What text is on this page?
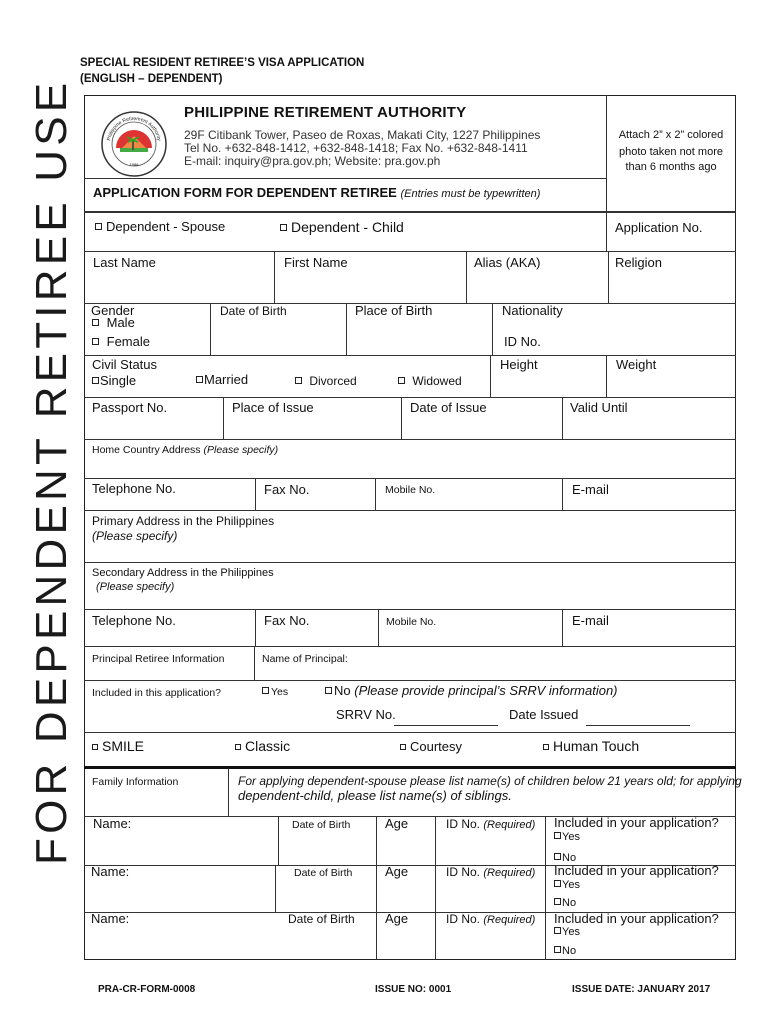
SPECIAL RESIDENT RETIREE’S VISA APPLICATION
(ENGLISH – DEPENDENT)
FOR DEPENDENT RETIREE USE	1986
Philippine Retirement Authority
PHILIPPINE RETIREMENT AUTHORITY
29F Citibank Tower, Paseo de Roxas, Makati City, 1227 Philippines
Tel No. +632-848-1412, +632-848-1418; Fax No. +632-848-1411
E-mail: inquiry@pra.gov.ph; Website: pra.gov.ph
Attach 2” x 2” colored
photo taken not more
than 6 months ago
APPLICATION FORM FOR DEPENDENT RETIREE (Entries must be typewritten)
Dependent - Spouse	Dependent - Child	Application No.
Last Name	First Name	Alias (AKA)	Religion
Gender
Male
Female
Date of Birth	Place of Birth	Nationality
ID No.
Civil Status
Single	Married	Divorced	Widowed
Height	Weight
Passport No.	Place of Issue	Date of Issue	Valid Until
Home Country Address (Please specify)
Telephone No.	Fax No.	Mobile No.	E-mail
Primary Address in the Philippines
(Please specify)
Secondary Address in the Philippines
(Please specify)
Telephone No.	Fax No.	Mobile No.	E-mail
Principal Retiree Information	Name of Principal:
Included in this application?	Yes	No (Please provide principal’s SRRV information)
SRRV No.	Date Issued
SMILE	Classic	Courtesy	Human Touch
Family Information	For applying dependent-spouse please list name(s) of children below 21 years old; for applying
dependent-child, please list name(s) of siblings.
Name:	Date of Birth	Age	ID No. (Required) Included in your application?
Yes
No
Name:	Date of Birth	Age	ID No. (Required) Included in your application?
Yes
No
Name:	Date of Birth Age	ID No. (Required) Included in your application?
Yes
No
PRA-CR-FORM-0008	ISSUE NO: 0001	ISSUE DATE: JANUARY 2017
